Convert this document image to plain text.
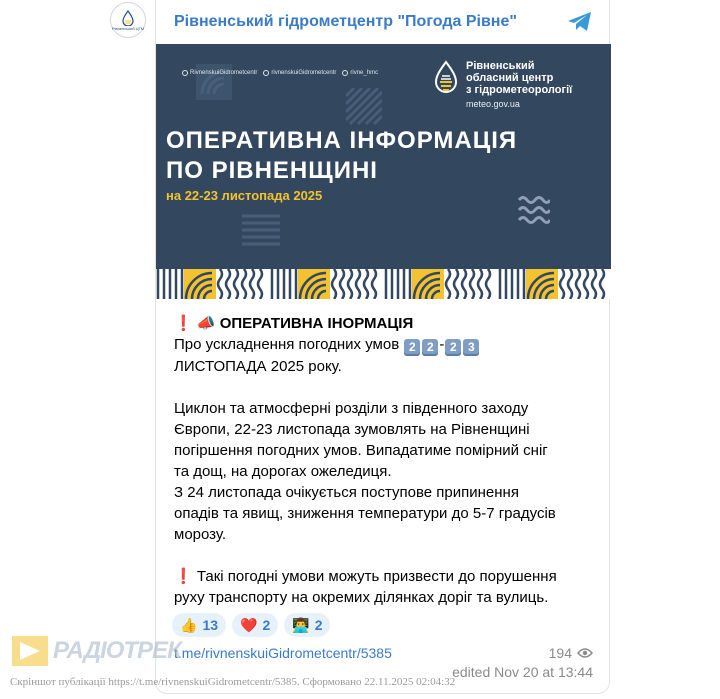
Рівненський ЦГМ Рівненський гідрометцентр "Погода Рівне"
RivnenskuiGidrometcentr rivnenskuiGidrometcentr rivne_hmc
Рівненський
обласний центр
з гідрометеорології
meteo.gov.ua
ОПЕРАТИВНА ІНФОРМАЦІЯ
ПО РІВНЕНЩИНІ
на 22-23 листопада 2025

❗ 📣 ОПЕРАТИВНА ІНОРМАЦІЯ

Про ускладнення погодних умов 2 2 - 2 3

ЛИСТОПАДА 2025 року.

Циклон та атмосферні розділи з південного заходу

Європи, 22-23 листопада зумовлять на Рівненщині

погіршення погодних умов. Випадатиме помірний сніг

та дощ, на дорогах ожеледиця.

З 24 листопада очікується поступове припинення

опадів та явищ, зниження температури до 5-7 градусів

морозу.

❗ Такі погодні умови можуть призвести до порушення

руху транспорту на окремих ділянках доріг та вулиць.

👍 13 ❤️ 2 👨‍💻 2
t.me/rivnenskuiGidrometcentr/5385	194
edited Nov 20 at 13:44
РАДІОТРЕК
Скріншот публікації https://t.me/rivnenskuiGidrometcentr/5385. Сформовано 22.11.2025 02:04:32
